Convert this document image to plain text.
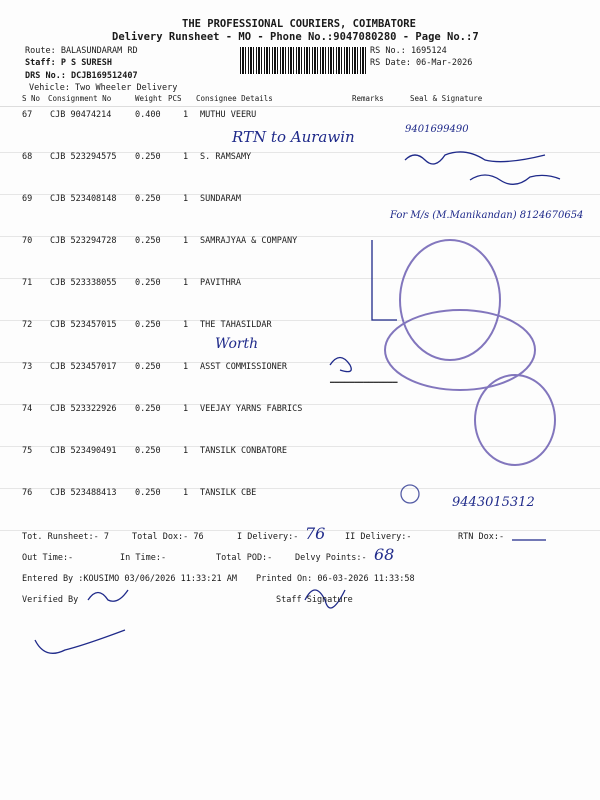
THE PROFESSIONAL COURIERS, COIMBATORE
Delivery Runsheet - MO - Phone No.:9047080280 - Page No.:7
Route: BALASUNDARAM RD
Staff: P S SURESH
DRS No.: DCJB169512407
Vehicle: Two Wheeler Delivery
RS No.: 1695124
RS Date: 06-Mar-2026
S No Consignment No	Weight PCS Consignee Details	Remarks	Seal & Signature
67 CJB 90474214	0.400	1 MUTHU VEERU
68 CJB 523294575 0.250	1 S. RAMSAMY
69 CJB 523408148 0.250	1 SUNDARAM
70 CJB 523294728 0.250	1 SAMRAJYAA & COMPANY
71 CJB 523338055 0.250	1 PAVITHRA
72 CJB 523457015 0.250	1 THE TAHASILDAR
73 CJB 523457017 0.250	1 ASST COMMISSIONER
74 CJB 523322926 0.250	1 VEEJAY YARNS FABRICS
75 CJB 523490491 0.250	1 TANSILK CONBATORE
76 CJB 523488413 0.250	1 TANSILK CBE
RTN to Aurawin	9401699490
For M/s (M.Manikandan) 8124670654
Worth
9443015312
━━━━━━━━━━━━━━
Tot. Runsheet:- 7	Total Dox:- 76	I Delivery:- 76 II Delivery:-	RTN Dox:-
Out Time:-	In Time:-	Total POD:-	Delvy Points:- 68
Entered By :KOUSIMO 03/06/2026 11:33:21 AM Printed On: 06-03-2026 11:33:58
Verified By	Staff Signature
